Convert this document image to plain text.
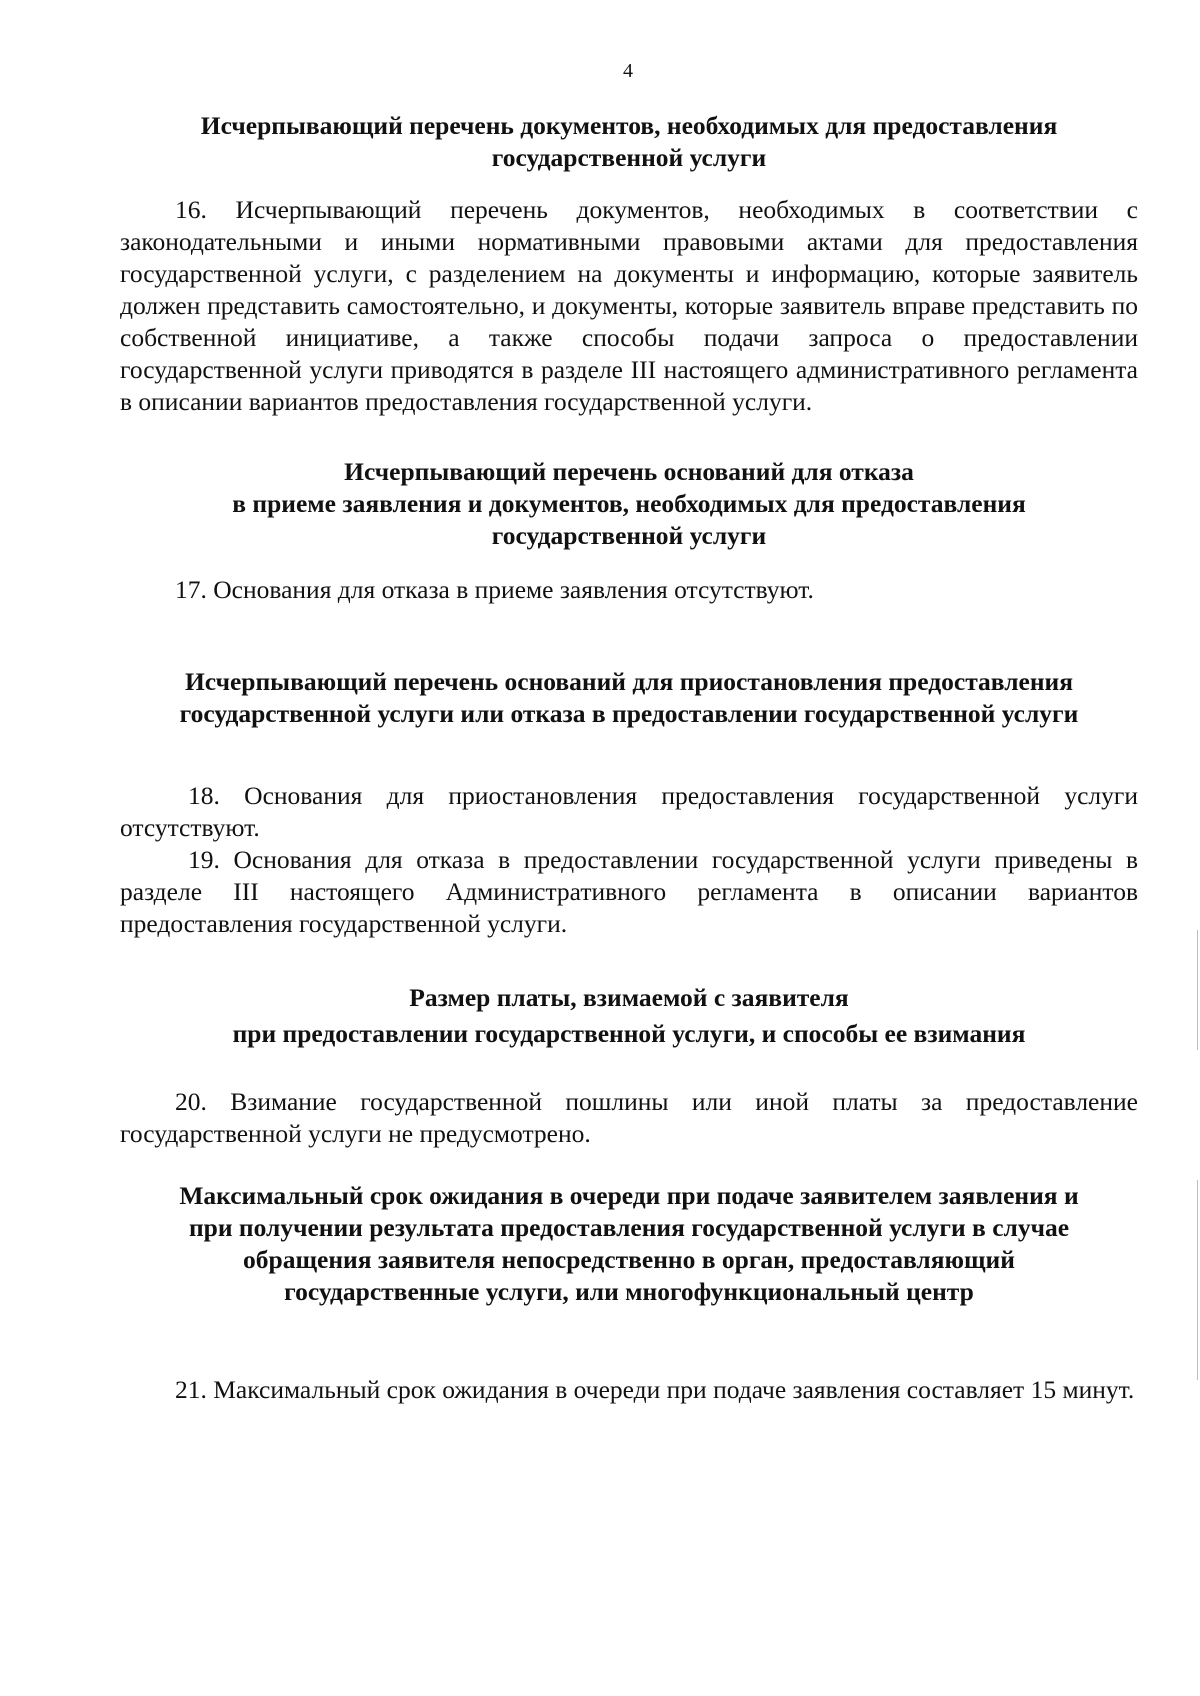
4
Исчерпывающий перечень документов, необходимых для предоставления
государственной услуги

16. Исчерпывающий перечень документов, необходимых в соответствии с законодательными и иными нормативными правовыми актами для предоставления государственной услуги, с разделением на документы и информацию, которые заявитель должен представить самостоятельно, и документы, которые заявитель вправе представить по собственной инициативе, а также способы подачи запроса о предоставлении государственной услуги приводятся в разделе III настоящего административного регламента в описании вариантов предоставления государственной услуги.

Исчерпывающий перечень оснований для отказа
в приеме заявления и документов, необходимых для предоставления
государственной услуги

17. Основания для отказа в приеме заявления отсутствуют.

Исчерпывающий перечень оснований для приостановления предоставления
государственной услуги или отказа в предоставлении государственной услуги

18. Основания для приостановления предоставления государственной услуги отсутствуют.

19. Основания для отказа в предоставлении государственной услуги приведены в разделе III настоящего Административного регламента в описании вариантов предоставления государственной услуги.

Размер платы, взимаемой с заявителя
при предоставлении государственной услуги, и способы ее взимания

20. Взимание государственной пошлины или иной платы за предоставление государственной услуги не предусмотрено.

Максимальный срок ожидания в очереди при подаче заявителем заявления и
при получении результата предоставления государственной услуги в случае
обращения заявителя непосредственно в орган, предоставляющий
государственные услуги, или многофункциональный центр

21. Максимальный срок ожидания в очереди при подаче заявления составляет 15 минут.
